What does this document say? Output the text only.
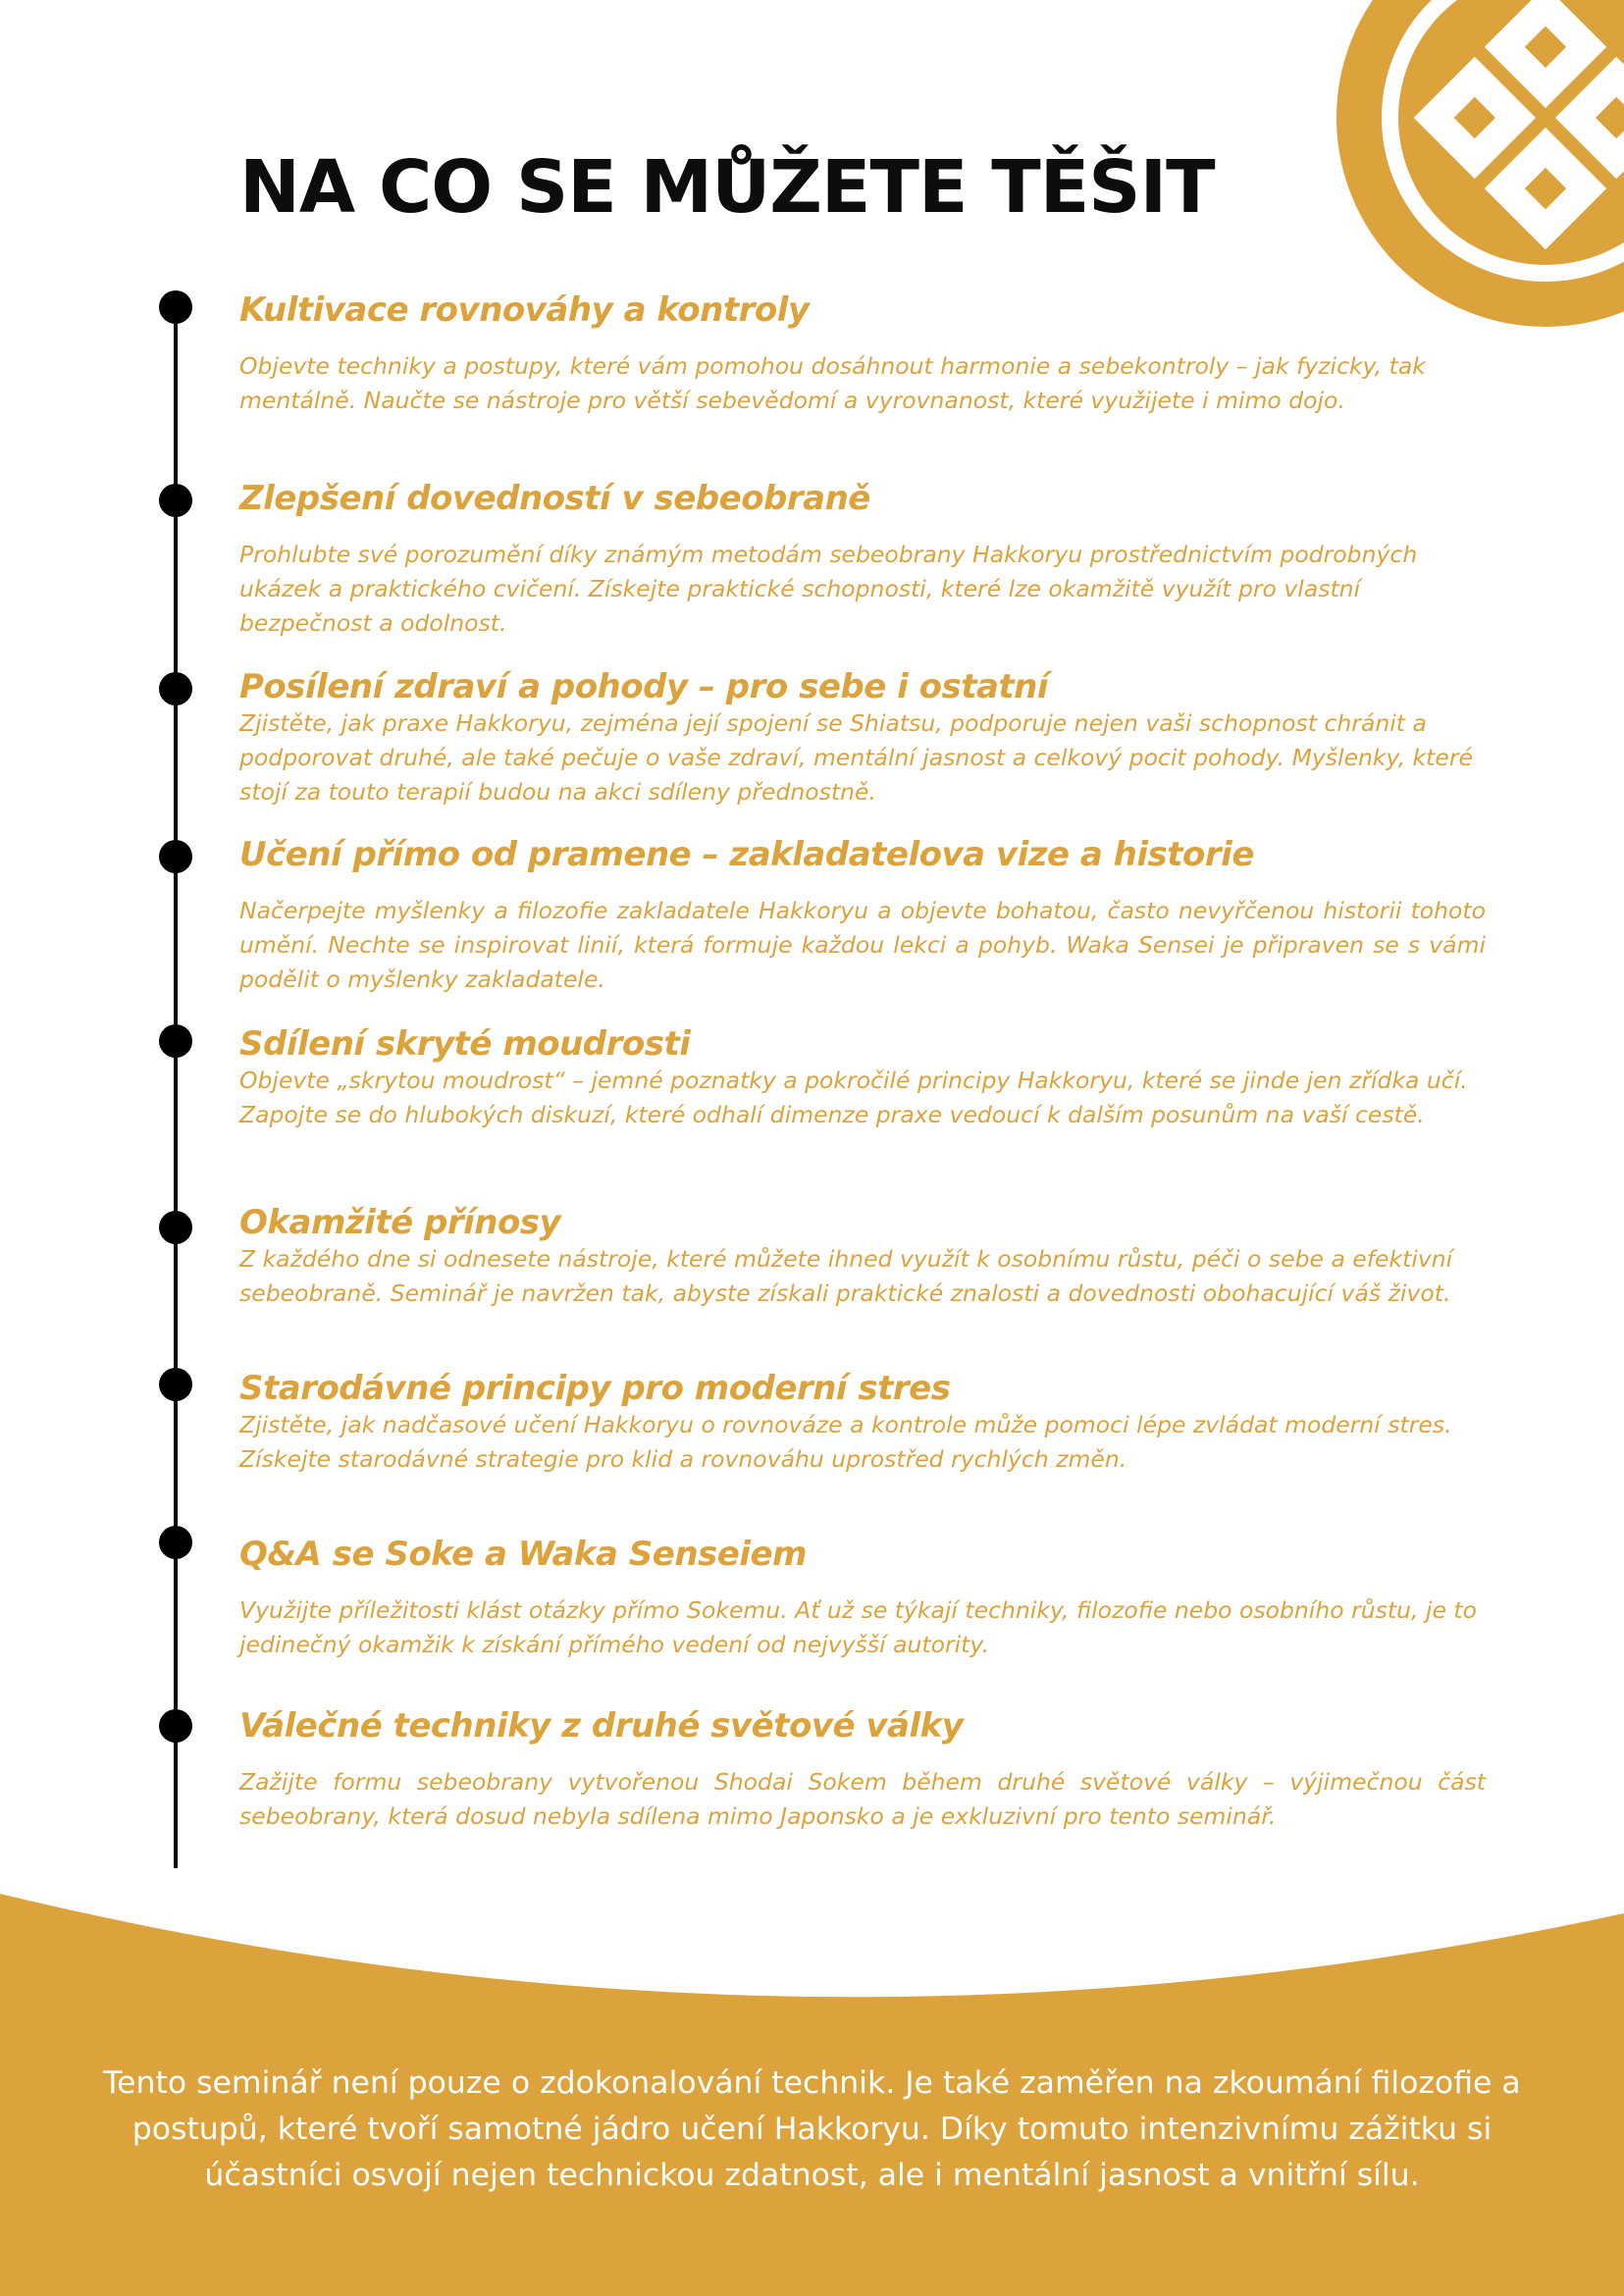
NA CO SE MŮŽETE TĚŠIT
Kultivace rovnováhy a kontroly

Objevte techniky a postupy, které vám pomohou dosáhnout harmonie a sebekontroly – jak fyzicky, tak mentálně. Naučte se nástroje pro větší sebevědomí a vyrovnanost, které využijete i mimo dojo.

Zlepšení dovedností v sebeobraně

Prohlubte své porozumění díky známým metodám sebeobrany Hakkoryu prostřednictvím podrobných ukázek a praktického cvičení. Získejte praktické schopnosti, které lze okamžitě využít pro vlastní bezpečnost a odolnost.

Posílení zdraví a pohody – pro sebe i ostatní

Zjistěte, jak praxe Hakkoryu, zejména její spojení se Shiatsu, podporuje nejen vaši schopnost chránit a podporovat druhé, ale také pečuje o vaše zdraví, mentální jasnost a celkový pocit pohody. Myšlenky, které stojí za touto terapií budou na akci sdíleny přednostně.

Učení přímo od pramene – zakladatelova vize a historie

Načerpejte myšlenky a filozofie zakladatele Hakkoryu a objevte bohatou, často nevyřčenou historii tohoto umění. Nechte se inspirovat linií, která formuje každou lekci a pohyb. Waka Sensei je připraven se s vámi podělit o myšlenky zakladatele.

Sdílení skryté moudrosti

Objevte „skrytou moudrost“ – jemné poznatky a pokročilé principy Hakkoryu, které se jinde jen zřídka učí. Zapojte se do hlubokých diskuzí, které odhalí dimenze praxe vedoucí k dalším posunům na vaší cestě.

Okamžité přínosy

Z každého dne si odnesete nástroje, které můžete ihned využít k osobnímu růstu, péči o sebe a efektivní sebeobraně. Seminář je navržen tak, abyste získali praktické znalosti a dovednosti obohacující váš život.

Starodávné principy pro moderní stres

Zjistěte, jak nadčasové učení Hakkoryu o rovnováze a kontrole může pomoci lépe zvládat moderní stres. Získejte starodávné strategie pro klid a rovnováhu uprostřed rychlých změn.

Q&A se Soke a Waka Senseiem

Využijte příležitosti klást otázky přímo Sokemu. Ať už se týkají techniky, filozofie nebo osobního růstu, je to jedinečný okamžik k získání přímého vedení od nejvyšší autority.

Válečné techniky z druhé světové války

Zažijte formu sebeobrany vytvořenou Shodai Sokem během druhé světové války – výjimečnou část sebeobrany, která dosud nebyla sdílena mimo Japonsko a je exkluzivní pro tento seminář.

Tento seminář není pouze o zdokonalování technik. Je také zaměřen na zkoumání filozofie a postupů, které tvoří samotné jádro učení Hakkoryu. Díky tomuto intenzivnímu zážitku si účastníci osvojí nejen technickou zdatnost, ale i mentální jasnost a vnitřní sílu.
